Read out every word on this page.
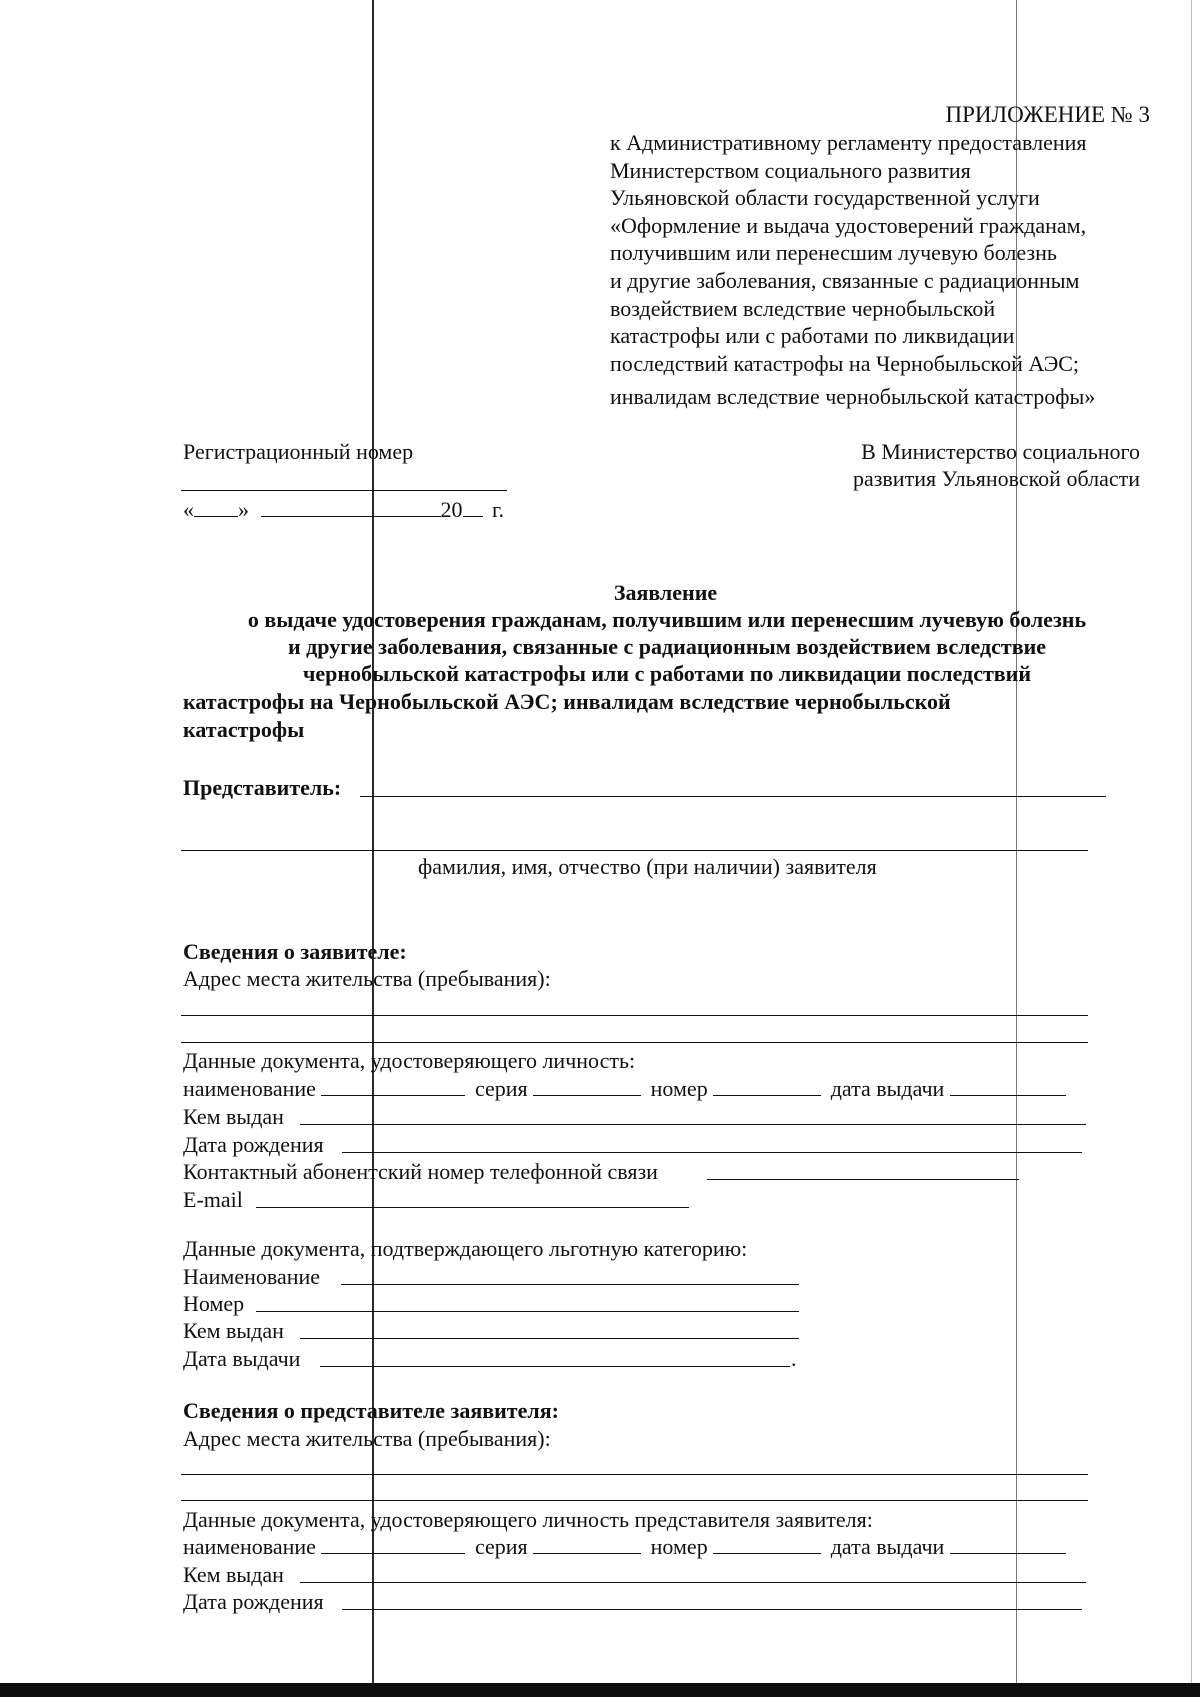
ПРИЛОЖЕНИЕ № 3
к Административному регламенту предоставления
Министерством социального развития
Ульяновской области государственной услуги
«Оформление и выдача удостоверений гражданам,
получившим или перенесшим лучевую болезнь
и другие заболевания, связанные с радиационным
воздействием вследствие чернобыльской
катастрофы или с работами по ликвидации
последствий катастрофы на Чернобыльской АЭС;
инвалидам вследствие чернобыльской катастрофы»
Регистрационный номер
« »	20 г.
В Министерство социального
развития Ульяновской области
Заявление
о выдаче удостоверения гражданам, получившим или перенесшим лучевую болезнь
и другие заболевания, связанные с радиационным воздействием вследствие
чернобыльской катастрофы или с работами по ликвидации последствий
катастрофы на Чернобыльской АЭС; инвалидам вследствие чернобыльской
катастрофы
Представитель:
фамилия, имя, отчество (при наличии) заявителя
Сведения о заявителе:
Адрес места жительства (пребывания):
Данные документа, удостоверяющего личность:
наименование	серия	номер	дата выдачи
Кем выдан
Дата рождения
Контактный абонентский номер телефонной связи
E-mail
Данные документа, подтверждающего льготную категорию:
Наименование
Номер
Кем выдан
Дата выдачи	.
Сведения о представителе заявителя:
Адрес места жительства (пребывания):
Данные документа, удостоверяющего личность представителя заявителя:
наименование	серия	номер	дата выдачи
Кем выдан
Дата рождения
